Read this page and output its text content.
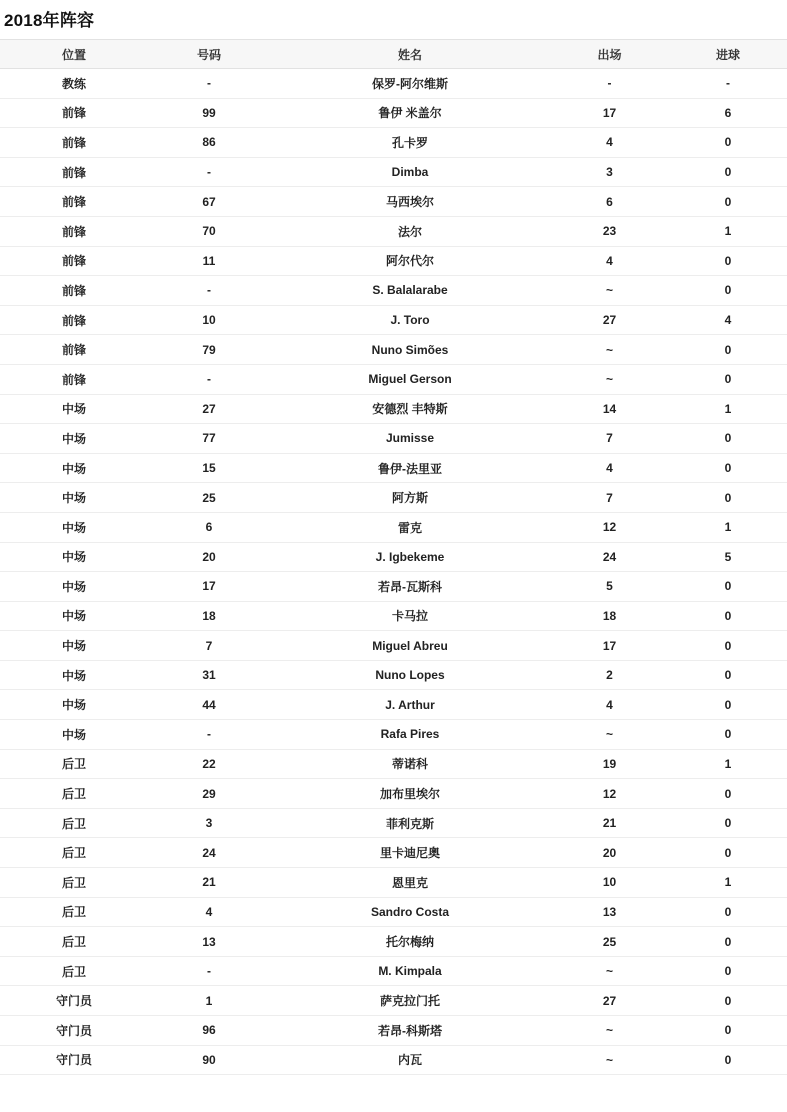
2018年阵容
位置	号码	姓名	出场	进球
教练	-	保罗-阿尔维斯	-	-
前锋	99	鲁伊 米盖尔	17	6
前锋	86	孔卡罗	4	0
前锋	-	Dimba	3	0
前锋	67	马西埃尔	6	0
前锋	70	法尔	23	1
前锋	11	阿尔代尔	4	0
前锋	-	S. Balalarabe	~	0
前锋	10	J. Toro	27	4
前锋	79	Nuno Simões	~	0
前锋	-	Miguel Gerson	~	0
中场	27	安德烈 丰特斯	14	1
中场	77	Jumisse	7	0
中场	15	鲁伊-法里亚	4	0
中场	25	阿方斯	7	0
中场	6	雷克	12	1
中场	20	J. Igbekeme	24	5
中场	17	若昂-瓦斯科	5	0
中场	18	卡马拉	18	0
中场	7	Miguel Abreu	17	0
中场	31	Nuno Lopes	2	0
中场	44	J. Arthur	4	0
中场	-	Rafa Pires	~	0
后卫	22	蒂诺科	19	1
后卫	29	加布里埃尔	12	0
后卫	3	菲利克斯	21	0
后卫	24	里卡迪尼奥	20	0
后卫	21	恩里克	10	1
后卫	4	Sandro Costa	13	0
后卫	13	托尔梅纳	25	0
后卫	-	M. Kimpala	~	0
守门员	1	萨克拉门托	27	0
守门员	96	若昂-科斯塔	~	0
守门员	90	内瓦	~	0
